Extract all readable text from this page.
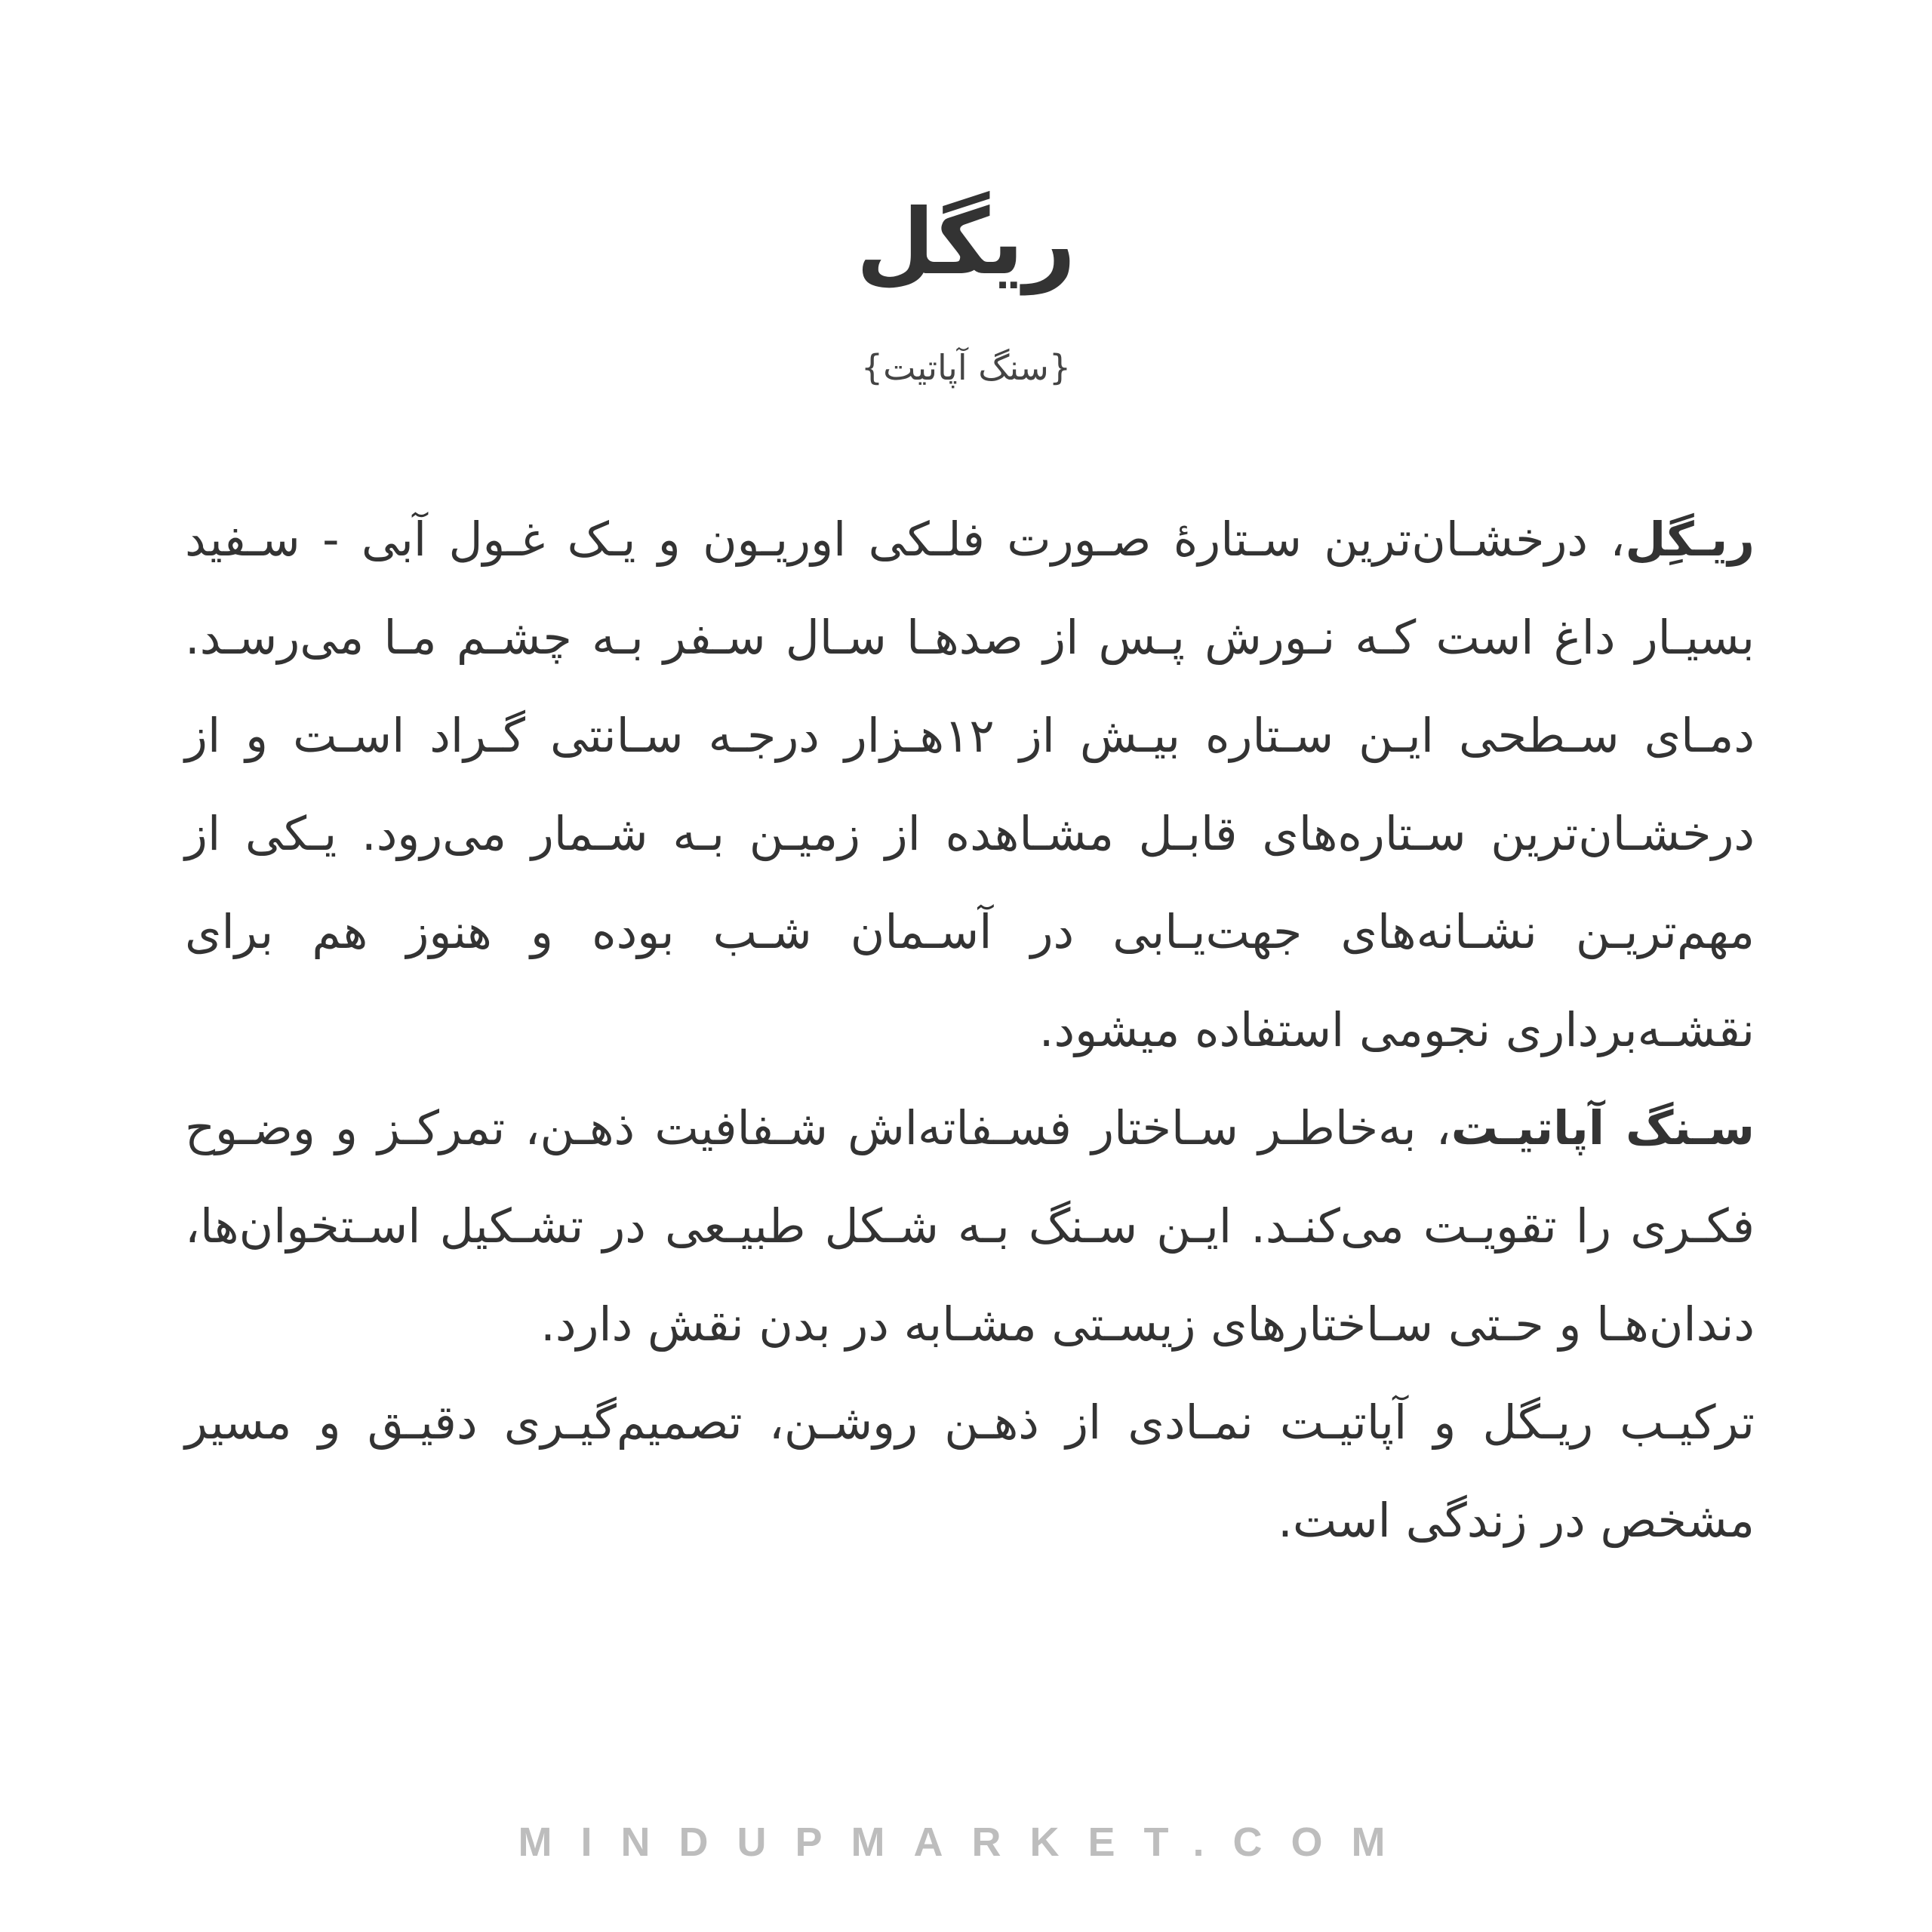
ریگل
{سنگ آپاتیت}

ریـگِل، درخشـان‌ترین سـتارۀ صـورت فلـکی اوریـون و یـک غـول آبی - سـفید بسیـار داغ است کـه نـورش پـس از صدهـا سـال سـفر بـه چشـم مـا می‌رسـد. دمـای سـطحی ایـن سـتاره بیـش از ۱۲هـزار درجـه سـانتی گـراد اسـت و از درخشـان‌ترین سـتاره‌های قابـل مشـاهده از زمیـن بـه شـمار می‌رود. یـکی از مهم‌تریـن نشـانه‌های جهت‌یـابی در آسـمان شـب بوده و هنوز هم برای نقشـه‌برداری نجومی استفاده میشود.

سـنگ آپاتیـت، به‌خاطـر سـاختار فسـفاته‌اش شـفافیت ذهـن، تمرکـز و وضـوح فکـری را تقویـت می‌کنـد. ایـن سـنگ بـه شـکل طبیـعی در تشـکیل اسـتخوان‌ها، دندان‌هـا و حـتی سـاختارهای زیسـتی مشـابه در بدن نقش دارد.

ترکیـب ریـگل و آپاتیـت نمـادی از ذهـن روشـن، تصمیم‌گیـری دقیـق و مسیر مشخص در زندگی است.

MINDUPMARKET.COM
